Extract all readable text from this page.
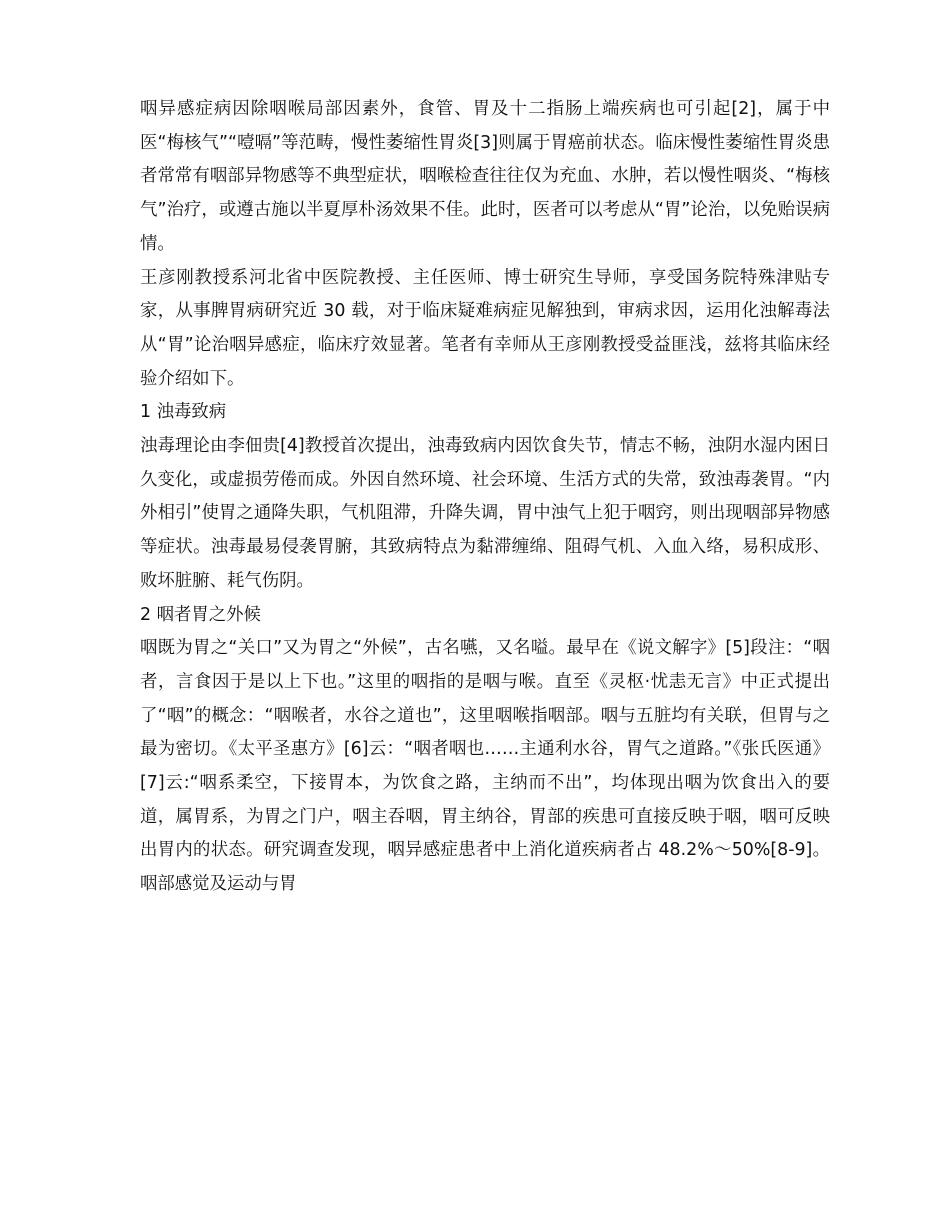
咽异感症病因除咽喉局部因素外，食管、胃及十二指肠上端疾病也可引起[2]，属于中医“梅核气”“噎嗝”等范畴，慢性萎缩性胃炎[3]则属于胃癌前状态。临床慢性萎缩性胃炎患者常常有咽部异物感等不典型症状，咽喉检查往往仅为充血、水肿，若以慢性咽炎、“梅核气”治疗，或遵古施以半夏厚朴汤效果不佳。此时，医者可以考虑从“胃”论治，以免贻误病情。

王彦刚教授系河北省中医院教授、主任医师、博士研究生导师，享受国务院特殊津贴专家，从事脾胃病研究近 30 载，对于临床疑难病症见解独到，审病求因，运用化浊解毒法从“胃”论治咽异感症，临床疗效显著。笔者有幸师从王彦刚教授受益匪浅，兹将其临床经验介绍如下。

1 浊毒致病

浊毒理论由李佃贵[4]教授首次提出，浊毒致病内因饮食失节，情志不畅，浊阴水湿内困日久变化，或虚损劳倦而成。外因自然环境、社会环境、生活方式的失常，致浊毒袭胃。“内外相引”使胃之通降失职，气机阻滞，升降失调，胃中浊气上犯于咽窍，则出现咽部异物感等症状。浊毒最易侵袭胃腑，其致病特点为黏滞缠绵、阻碍气机、入血入络，易积成形、败坏脏腑、耗气伤阴。

2 咽者胃之外候

咽既为胃之“关口”又为胃之“外候”，古名嚥，又名嗌。最早在《说文解字》[5]段注：“咽者，言食因于是以上下也。”这里的咽指的是咽与喉。直至《灵枢·忧恚无言》中正式提出了“咽”的概念：“咽喉者，水谷之道也”，这里咽喉指咽部。咽与五脏均有关联，但胃与之最为密切。《太平圣惠方》[6]云：“咽者咽也……主通利水谷，胃气之道路。”《张氏医通》[7]云:“咽系柔空，下接胃本，为饮食之路，主纳而不出”，均体现出咽为饮食出入的要道，属胃系，为胃之门户，咽主吞咽，胃主纳谷，胃部的疾患可直接反映于咽，咽可反映出胃内的状态。研究调查发现，咽异感症患者中上消化道疾病者占 48.2%～50%[8-9]。咽部感觉及运动与胃
